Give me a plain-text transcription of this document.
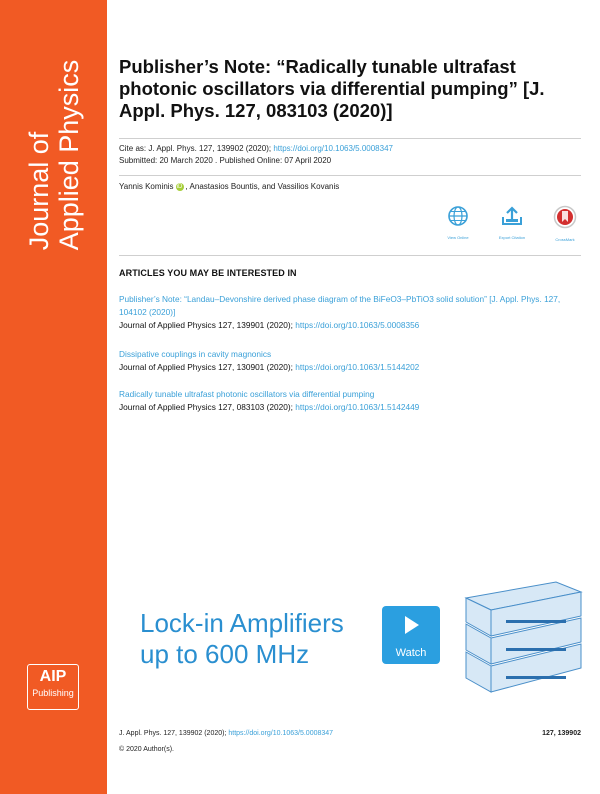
Journal of Applied Physics
AIP
Publishing
Publisher’s Note: “Radically tunable ultrafast photonic oscillators via differential pumping” [J. Appl. Phys. 127, 083103 (2020)]
Cite as: J. Appl. Phys. 127, 139902 (2020); https://doi.org/10.1063/5.0008347
Submitted: 20 March 2020 . Published Online: 07 April 2020
Yannis Kominis iD , Anastasios Bountis, and Vassilios Kovanis
View Online	Export Citation	CrossMark
ARTICLES YOU MAY BE INTERESTED IN
Publisher’s Note: “Landau–Devonshire derived phase diagram of the BiFeO3–PbTiO3 solid solution” [J. Appl. Phys. 127, 104102 (2020)]
Journal of Applied Physics 127, 139901 (2020); https://doi.org/10.1063/5.0008356
Dissipative couplings in cavity magnonics
Journal of Applied Physics 127, 130901 (2020); https://doi.org/10.1063/1.5144202
Radically tunable ultrafast photonic oscillators via differential pumping
Journal of Applied Physics 127, 083103 (2020); https://doi.org/10.1063/1.5142449
Lock-in Amplifiers
up to 600 MHz	Watch
J. Appl. Phys. 127, 139902 (2020); https://doi.org/10.1063/5.0008347	127, 139902
© 2020 Author(s).
